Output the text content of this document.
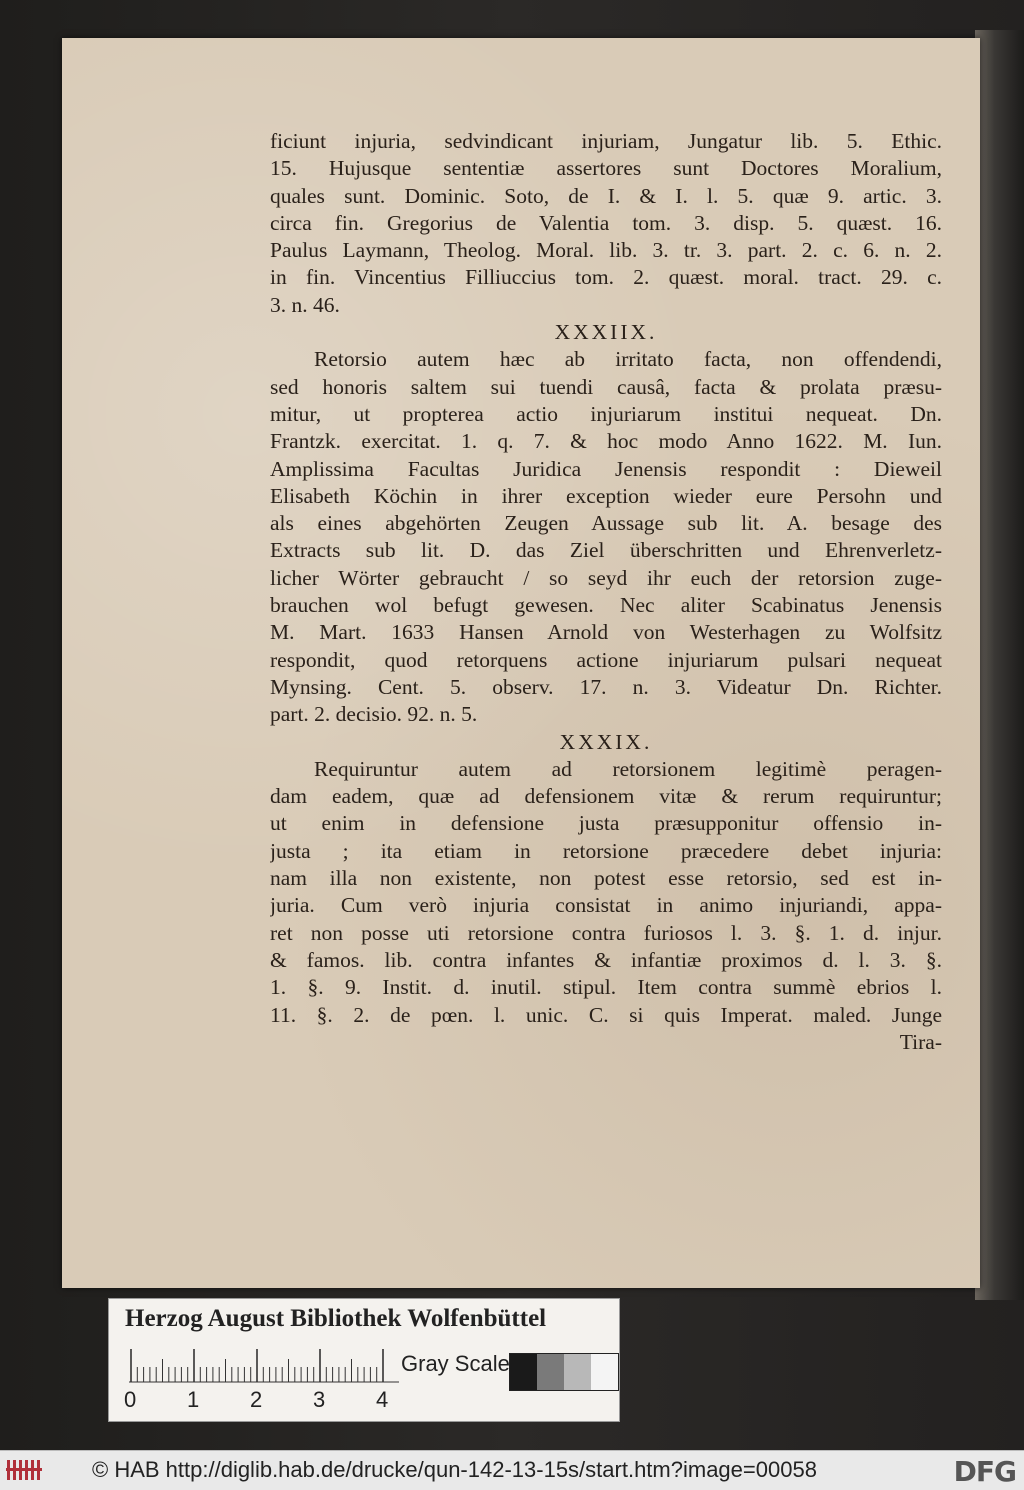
ficiunt injuria, sedvindicant injuriam, Jungatur lib. 5. Ethic.
15. Hujusque sententiæ assertores sunt Doctores Moralium,
quales sunt. Dominic. Soto, de I. & I. l. 5. quæ 9. artic. 3.
circa fin. Gregorius de Valentia tom. 3. disp. 5. quæst. 16.
Paulus Laymann, Theolog. Moral. lib. 3. tr. 3. part. 2. c. 6. n. 2.
in fin. Vincentius Filliuccius tom. 2. quæst. moral. tract. 29. c.
3. n. 46.
XXXIIX.
Retorsio autem hæc ab irritato facta, non offendendi,
sed honoris saltem sui tuendi causâ, facta & prolata præsu-
mitur, ut propterea actio injuriarum institui nequeat. Dn.
Frantzk. exercitat. 1. q. 7. & hoc modo Anno 1622. M. Iun.
Amplissima Facultas Juridica Jenensis respondit : Dieweil
Elisabeth Köchin in ihrer exception wieder eure Persohn und
als eines abgehörten Zeugen Aussage sub lit. A. besage des
Extracts sub lit. D. das Ziel überschritten und Ehrenverletz-
licher Wörter gebraucht / so seyd ihr euch der retorsion zuge-
brauchen wol befugt gewesen. Nec aliter Scabinatus Jenensis
M. Mart. 1633 Hansen Arnold von Westerhagen zu Wolfsitz
respondit, quod retorquens actione injuriarum pulsari nequeat
Mynsing. Cent. 5. observ. 17. n. 3. Videatur Dn. Richter.
part. 2. decisio. 92. n. 5.
XXXIX.
Requiruntur autem ad retorsionem legitimè peragen-
dam eadem, quæ ad defensionem vitæ & rerum requiruntur;
ut enim in defensione justa præsupponitur offensio in-
justa ; ita etiam in retorsione præcedere debet injuria:
nam illa non existente, non potest esse retorsio, sed est in-
juria. Cum verò injuria consistat in animo injuriandi, appa-
ret non posse uti retorsione contra furiosos l. 3. §. 1. d. injur.
& famos. lib. contra infantes & infantiæ proximos d. l. 3. §.
1. §. 9. Instit. d. inutil. stipul. Item contra summè ebrios l.
11. §. 2. de pœn. l. unic. C. si quis Imperat. maled. Junge
Tira-
Herzog August Bibliothek Wolfenbüttel
0 1 2 3 4
Gray Scale
© HAB http://diglib.hab.de/drucke/qun-142-13-15s/start.htm?image=00058	DFG
